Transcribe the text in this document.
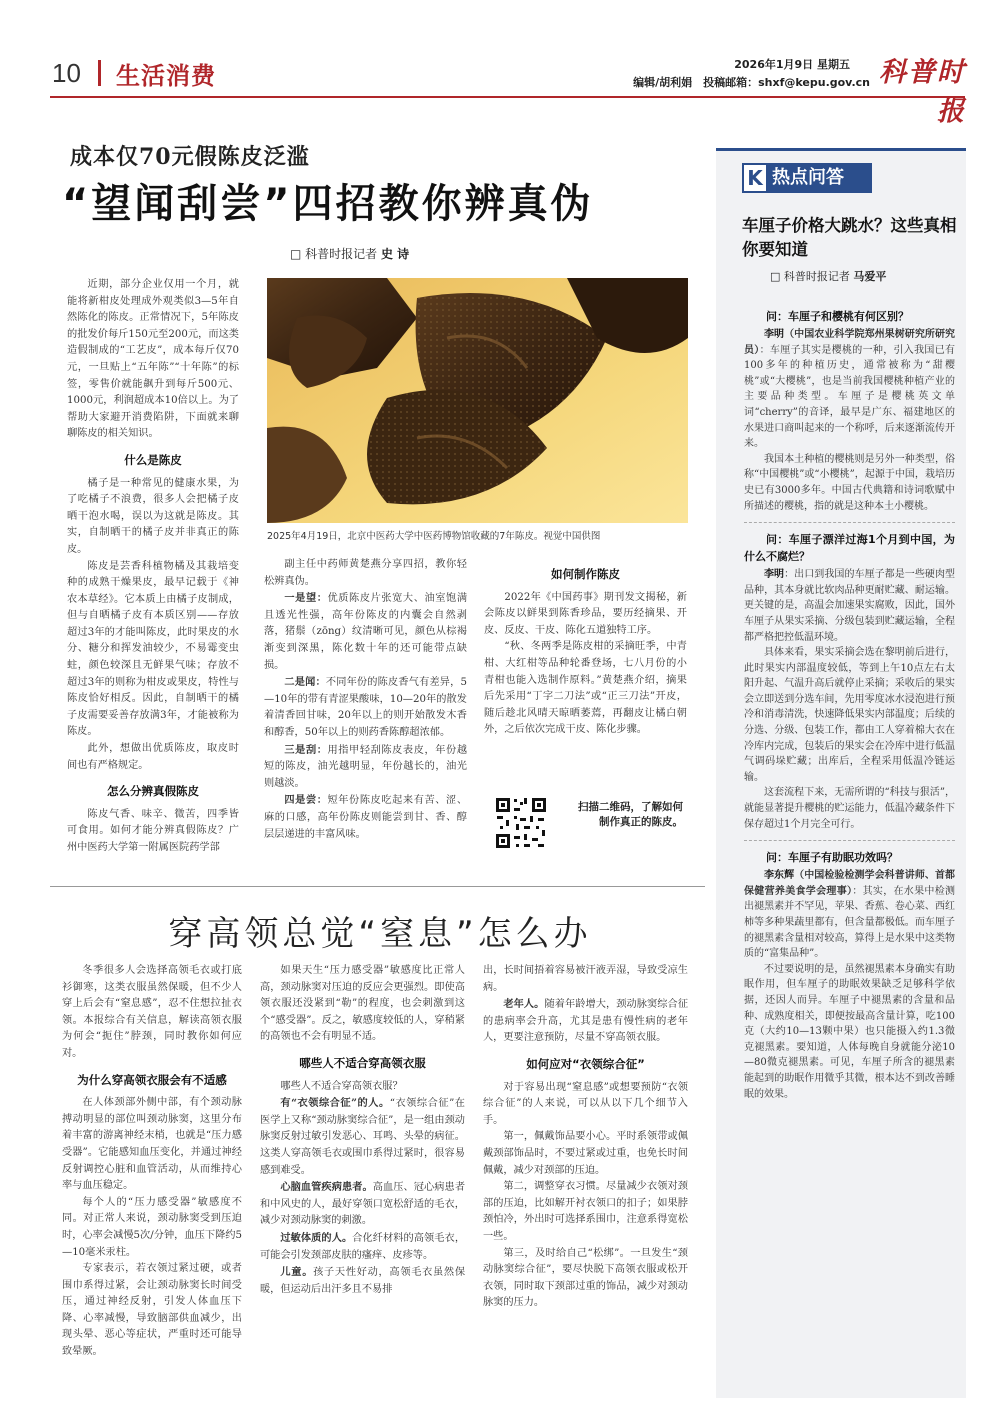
10 生活消费	2026年1月9日 星期五
编辑/胡利娟　投稿邮箱：shxf@kepu.gov.cn 科普时报
成本仅70元假陈皮泛滥
“望闻刮尝”四招教你辨真伪
□ 科普时报记者 史 诗

近期，部分企业仅用一个月，就能将新柑皮处理成外观类似3—5年自然陈化的陈皮。正常情况下，5年陈皮的批发价每斤150元至200元，而这类造假制成的“工艺皮”，成本每斤仅70元，一旦贴上“五年陈”“十年陈”的标签，零售价就能飙升到每斤500元、1000元，利润超成本10倍以上。为了帮助大家避开消费陷阱，下面就来聊聊陈皮的相关知识。

什么是陈皮

橘子是一种常见的健康水果，为了吃橘子不浪费，很多人会把橘子皮晒干泡水喝，误以为这就是陈皮。其实，自制晒干的橘子皮并非真正的陈皮。

陈皮是芸香科植物橘及其栽培变种的成熟干燥果皮，最早记载于《神农本草经》。它本质上由橘子皮制成，但与自晒橘子皮有本质区别——存放超过3年的才能叫陈皮，此时果皮的水分、糖分和挥发油较少，不易霉变虫蛀，颜色较深且无鲜果气味；存放不超过3年的则称为柑皮或果皮，特性与陈皮恰好相反。因此，自制晒干的橘子皮需要妥善存放满3年，才能被称为陈皮。

此外，想做出优质陈皮，取皮时间也有严格规定。

怎么分辨真假陈皮

陈皮气香、味辛、微苦，四季皆可食用。如何才能分辨真假陈皮？广州中医药大学第一附属医院药学部

2025年4月19日，北京中医药大学中医药博物馆收藏的7年陈皮。视觉中国供图

副主任中药师黄楚燕分享四招，教你轻松辨真伪。

一是望：优质陈皮片张宽大、油室饱满且透光性强，高年份陈皮的内囊会自然剥落，猪鬃（zōng）纹清晰可见，颜色从棕褐渐变到深黑，陈化数十年的还可能带点缺损。

二是闻：不同年份的陈皮香气有差异，5—10年的带有青涩果酸味，10—20年的散发着清香回甘味，20年以上的则开始散发木香和醇香，50年以上的则药香陈醇超浓郁。

三是刮：用指甲轻刮陈皮表皮，年份越短的陈皮，油光越明显，年份越长的，油光则越淡。

四是尝：短年份陈皮吃起来有苦、涩、麻的口感，高年份陈皮则能尝到甘、香、醇层层递进的丰富风味。

如何制作陈皮

2022年《中国药事》期刊发文揭秘，新会陈皮以鲜果到陈香珍品，要历经摘果、开皮、反皮、干皮、陈化五道独特工序。

“秋、冬两季是陈皮柑的采摘旺季，中青柑、大红柑等品种轮番登场，七八月份的小青柑也能入选制作原料。”黄楚燕介绍，摘果后先采用“丁字二刀法”或“正三刀法”开皮，随后趁北风晴天晾晒萎蔫，再翻皮让橘白朝外，之后依次完成干皮、陈化步骤。

扫描二维码，了解如何制作真正的陈皮。
穿高领总觉“窒息”怎么办

冬季很多人会选择高领毛衣或打底衫御寒，这类衣服虽然保暖，但不少人穿上后会有“窒息感”，忍不住想拉扯衣领。本报综合有关信息，解读高领衣服为何会“扼住”脖颈，同时教你如何应对。

为什么穿高领衣服会有不适感

在人体颈部外侧中部，有个颈动脉搏动明显的部位叫颈动脉窦，这里分布着丰富的游离神经末梢，也就是“压力感受器”。它能感知血压变化，并通过神经反射调控心脏和血管活动，从而维持心率与血压稳定。

每个人的“压力感受器”敏感度不同。对正常人来说，颈动脉窦受到压迫时，心率会减慢5次/分钟，血压下降约5—10毫米汞柱。

专家表示，若衣领过紧过硬，或者围巾系得过紧，会让颈动脉窦长时间受压，通过神经反射，引发人体血压下降、心率减慢，导致脑部供血减少，出现头晕、恶心等症状，严重时还可能导致晕厥。

如果天生“压力感受器”敏感度比正常人高，颈动脉窦对压迫的反应会更强烈。即使高领衣服还没紧到“勒”的程度，也会刺激到这个“感受器”。反之，敏感度较低的人，穿稍紧的高领也不会有明显不适。

哪些人不适合穿高领衣服

哪些人不适合穿高领衣服？

有“衣领综合征”的人。“衣领综合征”在医学上又称“颈动脉窦综合征”，是一组由颈动脉窦反射过敏引发恶心、耳鸣、头晕的病征。这类人穿高领毛衣或围巾系得过紧时，很容易感到难受。

心脑血管疾病患者。高血压、冠心病患者和中风史的人，最好穿领口宽松舒适的毛衣，减少对颈动脉窦的刺激。

过敏体质的人。合化纤材料的高领毛衣，可能会引发颈部皮肤的瘙痒、皮疹等。

儿童。孩子天性好动，高领毛衣虽然保暖，但运动后出汗多且不易排

出，长时间捂着容易被汗液弄湿，导致受凉生病。

老年人。随着年龄增大，颈动脉窦综合征的患病率会升高，尤其是患有慢性病的老年人，更要注意预防，尽量不穿高领衣服。

如何应对“衣领综合征”

对于容易出现“窒息感”或想要预防“衣领综合征”的人来说，可以从以下几个细节入手。

第一，佩戴饰品要小心。平时系领带或佩戴颈部饰品时，不要过紧或过重，也免长时间佩戴，减少对颈部的压迫。

第二，调整穿衣习惯。尽量减少衣领对颈部的压迫，比如解开衬衣领口的扣子；如果脖颈怕冷，外出时可选择系围巾，注意系得宽松一些。

第三，及时给自己“松绑”。一旦发生“颈动脉窦综合征”，要尽快脱下高领衣服或松开衣领，同时取下颈部过重的饰品，减少对颈动脉窦的压力。

热点问答
K
车厘子价格大跳水？这些真相你要知道
□ 科普时报记者 马爱平
问：车厘子和樱桃有何区别？

李明（中国农业科学院郑州果树研究所研究员）：车厘子其实是樱桃的一种，引入我国已有100多年的种植历史，通常被称为“甜樱桃”或“大樱桃”，也是当前我国樱桃种植产业的主要品种类型。车厘子是樱桃英文单词“cherry”的音译，最早是广东、福建地区的水果进口商叫起来的一个称呼，后来逐渐流传开来。

我国本土种植的樱桃则是另外一种类型，俗称“中国樱桃”或“小樱桃”，起源于中国，栽培历史已有3000多年。中国古代典籍和诗词歌赋中所描述的樱桃，指的就是这种本土小樱桃。

问：车厘子漂洋过海1个月到中国，为什么不腐烂？

李明：出口到我国的车厘子都是一些硬肉型品种，其本身就比软肉品种更耐贮藏、耐运输。更关键的是，高温会加速果实腐败，因此，国外车厘子从果实采摘、分级包装到贮藏运输，全程都严格把控低温环境。

具体来看，果实采摘会选在黎明前后进行，此时果实内部温度较低，等到上午10点左右太阳升起、气温升高后就停止采摘；采收后的果实会立即送到分选车间，先用零度冰水浸泡进行预冷和消毒清洗，快速降低果实内部温度；后续的分选、分级、包装工作，都由工人穿着棉大衣在冷库内完成，包装后的果实会在冷库中进行低温气调码垛贮藏；出库后，全程采用低温冷链运输。

这套流程下来，无需所谓的“科技与狠活”，就能显著提升樱桃的贮运能力，低温冷藏条件下保存超过1个月完全可行。

问：车厘子有助眠功效吗？

李东辉（中国检验检测学会科普讲师、首都保健营养美食学会理事）：其实，在水果中检测出褪黑素并不罕见，苹果、香蕉、卷心菜、西红柿等多种果蔬里都有，但含量都极低。而车厘子的褪黑素含量相对较高，算得上是水果中这类物质的“富集品种”。

不过要说明的是，虽然褪黑素本身确实有助眠作用，但车厘子的助眠效果缺乏足够科学依据，还因人而异。车厘子中褪黑素的含量和品种、成熟度相关，即便按最高含量计算，吃100克（大约10—13颗中果）也只能摄入约1.3微克褪黑素。要知道，人体每晚自身就能分泌10—80微克褪黑素。可见，车厘子所含的褪黑素能起到的助眠作用微乎其微，根本达不到改善睡眠的效果。
